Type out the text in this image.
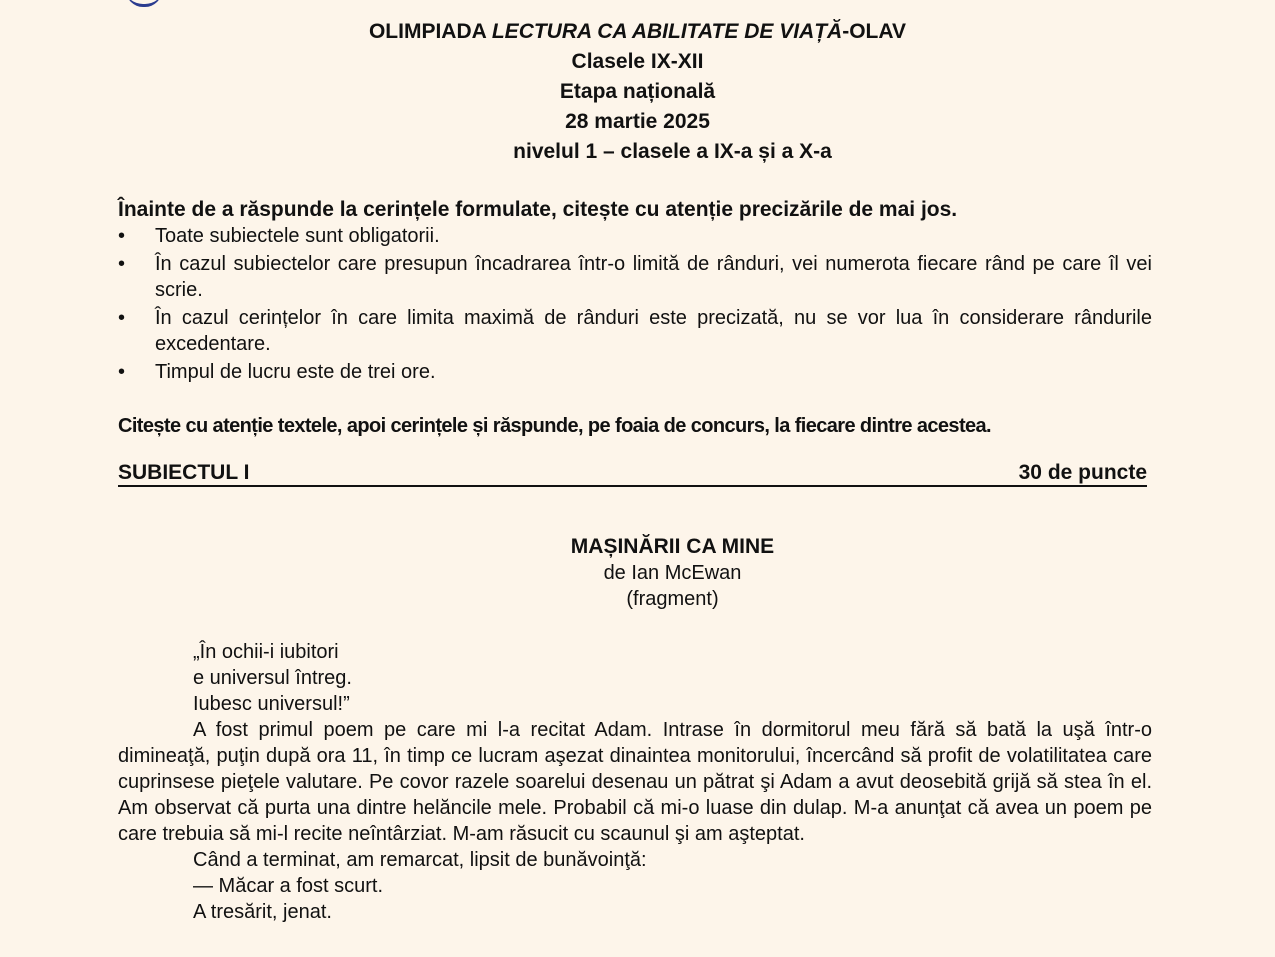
OLIMPIADA LECTURA CA ABILITATE DE VIAȚĂ-OLAV
Clasele IX-XII
Etapa națională
28 martie 2025
nivelul 1 – clasele a IX-a și a X-a

Înainte de a răspunde la cerințele formulate, citește cu atenție precizările de mai jos.

• Toate subiectele sunt obligatorii.
• În cazul subiectelor care presupun încadrarea într-o limită de rânduri, vei numerota fiecare rând pe care îl vei scrie.
• În cazul cerințelor în care limita maximă de rânduri este precizată, nu se vor lua în considerare rândurile excedentare.
• Timpul de lucru este de trei ore.
Citește cu atenție textele, apoi cerințele și răspunde, pe foaia de concurs, la fiecare dintre acestea.
SUBIECTUL I	30 de puncte
MAȘINĂRII CA MINE
de Ian McEwan
(fragment)
„În ochii-i iubitori
e universul întreg.
Iubesc universul!”

A fost primul poem pe care mi l-a recitat Adam. Intrase în dormitorul meu fără să bată la uşă într-o dimineaţă, puţin după ora 11, în timp ce lucram aşezat dinaintea monitorului, încercând să profit de volatilitatea care cuprinsese pieţele valutare. Pe covor razele soarelui desenau un pătrat şi Adam a avut deosebită grijă să stea în el. Am observat că purta una dintre helăncile mele. Probabil că mi-o luase din dulap. M-a anunţat că avea un poem pe care trebuia să mi-l recite neîntârziat. M-am răsucit cu scaunul şi am aşteptat.

Când a terminat, am remarcat, lipsit de bunăvoinţă:
— Măcar a fost scurt.
A tresărit, jenat.
